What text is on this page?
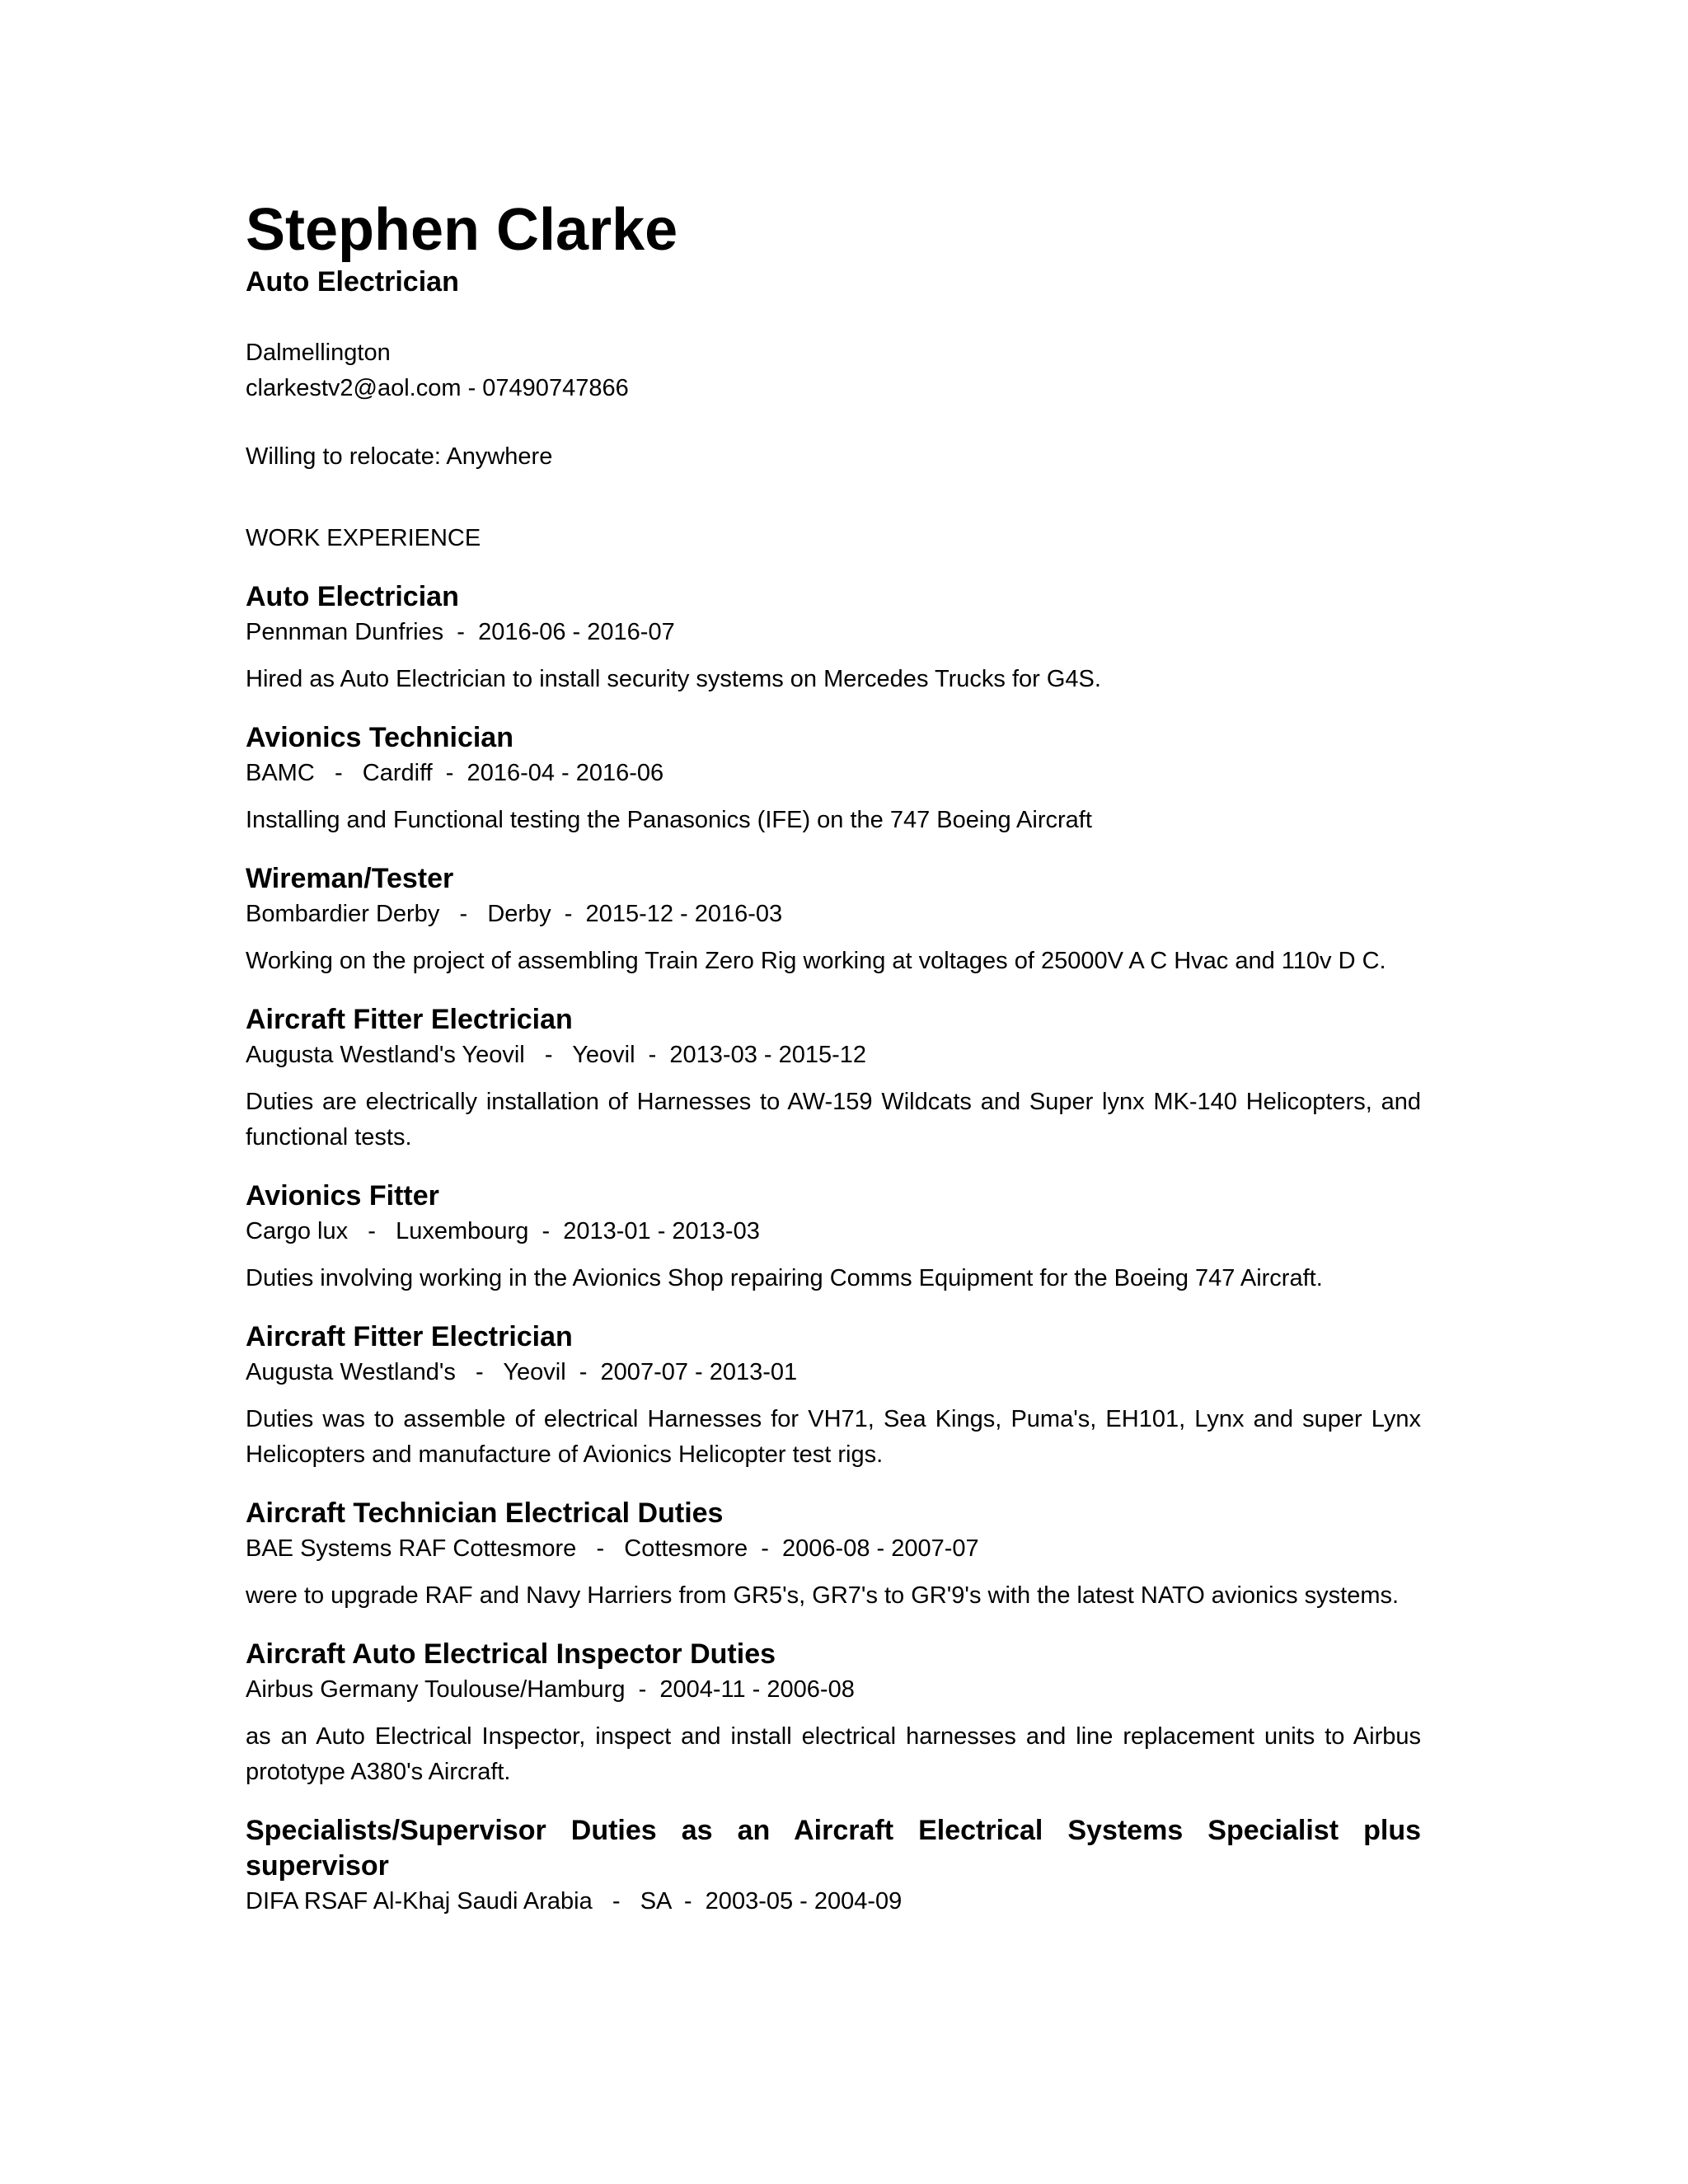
Stephen Clarke
Auto Electrician
Dalmellington
clarkestv2@aol.com - 07490747866
Willing to relocate: Anywhere
WORK EXPERIENCE
Auto Electrician
Pennman Dunfries  -  2016-06 - 2016-07
Hired as Auto Electrician to install security systems on Mercedes Trucks for G4S.
Avionics Technician
BAMC   -   Cardiff  -  2016-04 - 2016-06
Installing and Functional testing the Panasonics (IFE) on the 747 Boeing Aircraft
Wireman/Tester
Bombardier Derby   -   Derby  -  2015-12 - 2016-03
Working on the project of assembling Train Zero Rig working at voltages of 25000V A C Hvac and 110v D C.
Aircraft Fitter Electrician
Augusta Westland's Yeovil   -   Yeovil  -  2013-03 - 2015-12
Duties are electrically installation of Harnesses to AW-159 Wildcats and Super lynx MK-140 Helicopters, and functional tests.
Avionics Fitter
Cargo lux   -   Luxembourg  -  2013-01 - 2013-03
Duties involving working in the Avionics Shop repairing Comms Equipment for the Boeing 747 Aircraft.
Aircraft Fitter Electrician
Augusta Westland's   -   Yeovil  -  2007-07 - 2013-01
Duties was to assemble of electrical Harnesses for VH71, Sea Kings, Puma's, EH101, Lynx and super Lynx Helicopters and manufacture of Avionics Helicopter test rigs.
Aircraft Technician Electrical Duties
BAE Systems RAF Cottesmore   -   Cottesmore  -  2006-08 - 2007-07
were to upgrade RAF and Navy Harriers from GR5's, GR7's to GR'9's with the latest NATO avionics systems.
Aircraft Auto Electrical Inspector Duties
Airbus Germany Toulouse/Hamburg  -  2004-11 - 2006-08
as an Auto Electrical Inspector, inspect and install electrical harnesses and line replacement units to Airbus prototype A380's Aircraft.
Specialists/Supervisor Duties as an Aircraft Electrical Systems Specialist plus supervisor
DIFA RSAF Al-Khaj Saudi Arabia   -   SA  -  2003-05 - 2004-09
